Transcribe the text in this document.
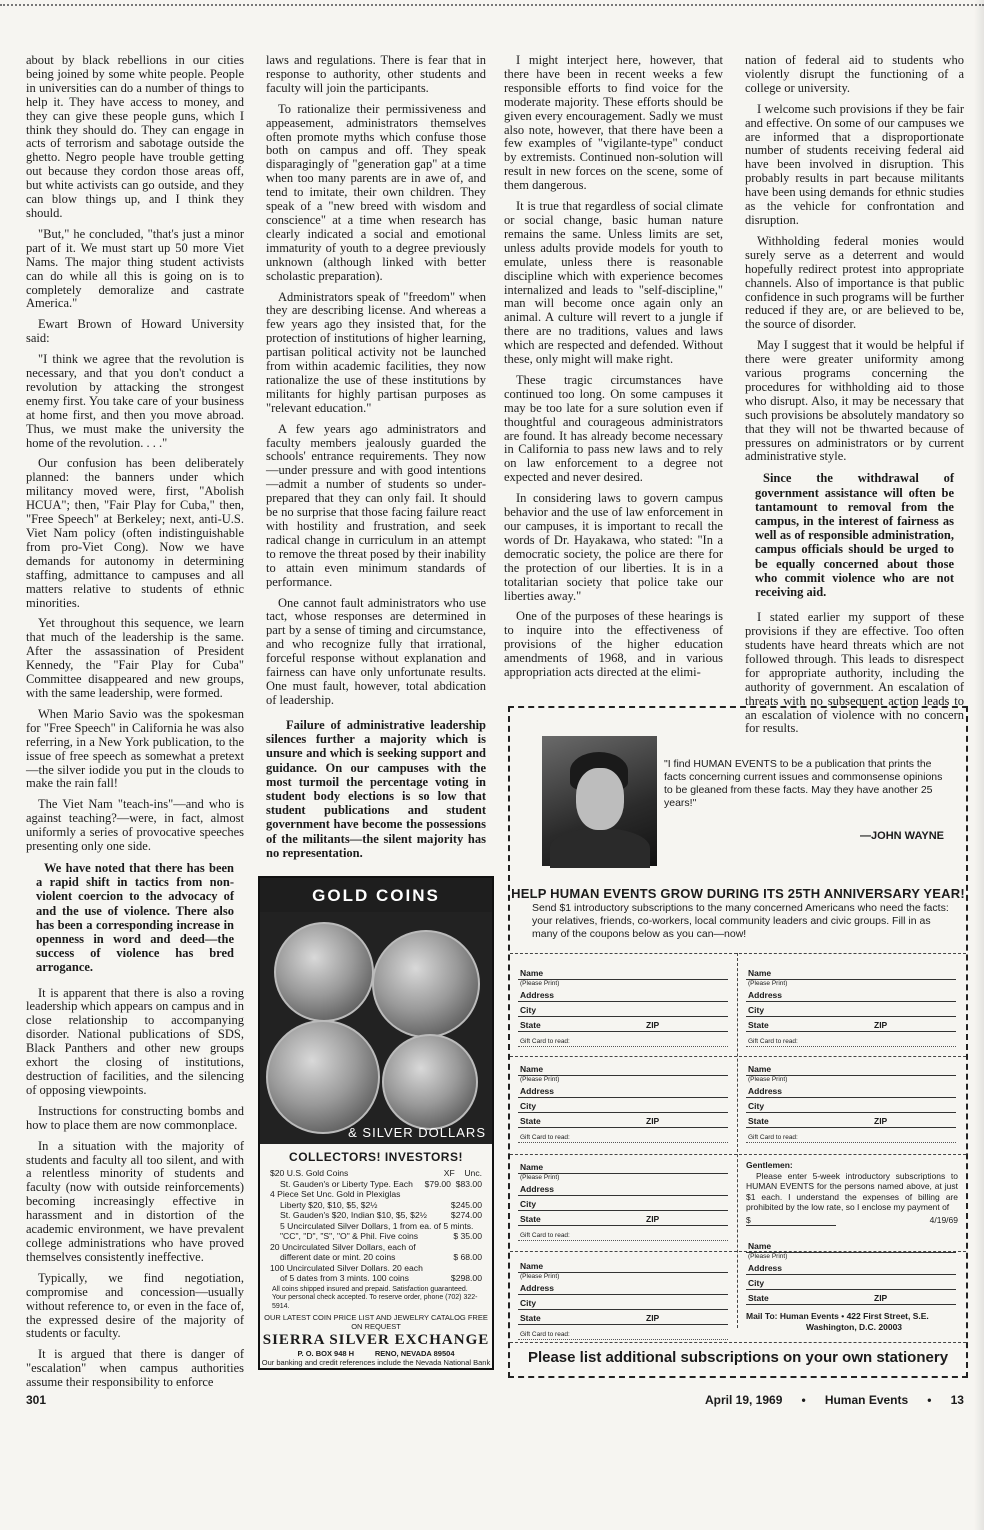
about by black rebellions in our cities being joined by some white people. People in universities can do a number of things to help it. They have access to money, and they can give these people guns, which I think they should do. They can engage in acts of terrorism and sabotage outside the ghetto. Negro people have trouble getting out because they cordon those areas off, but white activists can go outside, and they can blow things up, and I think they should.

"But," he concluded, "that's just a minor part of it. We must start up 50 more Viet Nams. The major thing student activists can do while all this is going on is to completely demoralize and castrate America."

Ewart Brown of Howard University said:

"I think we agree that the revolution is necessary, and that you don't conduct a revolution by attacking the strongest enemy first. You take care of your business at home first, and then you move abroad. Thus, we must make the university the home of the revolution. . . ."

Our confusion has been deliberately planned: the banners under which militancy moved were, first, "Abolish HCUA"; then, "Fair Play for Cuba," then, "Free Speech" at Berkeley; next, anti-U.S. Viet Nam policy (often indistinguishable from pro-Viet Cong). Now we have demands for autonomy in determining staffing, admittance to campuses and all matters relative to students of ethnic minorities.

Yet throughout this sequence, we learn that much of the leadership is the same. After the assassination of President Kennedy, the "Fair Play for Cuba" Committee disappeared and new groups, with the same leadership, were formed.

When Mario Savio was the spokesman for "Free Speech" in California he was also referring, in a New York publication, to the issue of free speech as somewhat a pretext—the silver iodide you put in the clouds to make the rain fall!

The Viet Nam "teach-ins"—and who is against teaching?—were, in fact, almost uniformly a series of provocative speeches presenting only one side.

We have noted that there has been a rapid shift in tactics from non-violent coercion to the advocacy of and the use of violence. There also has been a corresponding increase in openness in word and deed—the success of violence has bred arrogance.

It is apparent that there is also a roving leadership which appears on campus and in close relationship to accompanying disorder. National publications of SDS, Black Panthers and other new groups exhort the closing of institutions, destruction of facilities, and the silencing of opposing viewpoints.

Instructions for constructing bombs and how to place them are now commonplace.

In a situation with the majority of students and faculty all too silent, and with a relentless minority of students and faculty (now with outside reinforcements) becoming increasingly effective in harassment and in distortion of the academic environment, we have prevalent college administrations who have proved themselves consistently ineffective.

Typically, we find negotiation, compromise and concession—usually without reference to, or even in the face of, the expressed desire of the majority of students or faculty.

It is argued that there is danger of "escalation" when campus authorities assume their responsibility to enforce

laws and regulations. There is fear that in response to authority, other students and faculty will join the participants.

To rationalize their permissiveness and appeasement, administrators themselves often promote myths which confuse those both on campus and off. They speak disparagingly of "generation gap" at a time when too many parents are in awe of, and tend to imitate, their own children. They speak of a "new breed with wisdom and conscience" at a time when research has clearly indicated a social and emotional immaturity of youth to a degree previously unknown (although linked with better scholastic preparation).

Administrators speak of "freedom" when they are describing license. And whereas a few years ago they insisted that, for the protection of institutions of higher learning, partisan political activity not be launched from within academic facilities, they now rationalize the use of these institutions by militants for highly partisan purposes as "relevant education."

A few years ago administrators and faculty members jealously guarded the schools' entrance requirements. They now—under pressure and with good intentions—admit a number of students so under-prepared that they can only fail. It should be no surprise that those facing failure react with hostility and frustration, and seek radical change in curriculum in an attempt to remove the threat posed by their inability to attain even minimum standards of performance.

One cannot fault administrators who use tact, whose responses are determined in part by a sense of timing and circumstance, and who recognize fully that irrational, forceful response without explanation and fairness can have only unfortunate results. One must fault, however, total abdication of leadership.

Failure of administrative leadership silences further a majority which is unsure and which is seeking support and guidance. On our campuses with the most turmoil the percentage voting in student body elections is so low that student publications and student government have become the possessions of the militants—the silent majority has no representation.

I might interject here, however, that there have been in recent weeks a few responsible efforts to find voice for the moderate majority. These efforts should be given every encouragement. Sadly we must also note, however, that there have been a few examples of "vigilante-type" conduct by extremists. Continued non-solution will result in new forces on the scene, some of them dangerous.

It is true that regardless of social climate or social change, basic human nature remains the same. Unless limits are set, unless adults provide models for youth to emulate, unless there is reasonable discipline which with experience becomes internalized and leads to "self-discipline," man will become once again only an animal. A culture will revert to a jungle if there are no traditions, values and laws which are respected and defended. Without these, only might will make right.

These tragic circumstances have continued too long. On some campuses it may be too late for a sure solution even if thoughtful and courageous administrators are found. It has already become necessary in California to pass new laws and to rely on law enforcement to a degree not expected and never desired.

In considering laws to govern campus behavior and the use of law enforcement in our campuses, it is important to recall the words of Dr. Hayakawa, who stated: "In a democratic society, the police are there for the protection of our liberties. It is in a totalitarian society that police take our liberties away."

One of the purposes of these hearings is to inquire into the effectiveness of provisions of the higher education amendments of 1968, and in various appropriation acts directed at the elimi-

nation of federal aid to students who violently disrupt the functioning of a college or university.

I welcome such provisions if they be fair and effective. On some of our campuses we are informed that a disproportionate number of students receiving federal aid have been involved in disruption. This probably results in part because militants have been using demands for ethnic studies as the vehicle for confrontation and disruption.

Withholding federal monies would surely serve as a deterrent and would hopefully redirect protest into appropriate channels. Also of importance is that public confidence in such programs will be further reduced if they are, or are believed to be, the source of disorder.

May I suggest that it would be helpful if there were greater uniformity among various programs concerning the procedures for withholding aid to those who disrupt. Also, it may be necessary that such provisions be absolutely mandatory so that they will not be thwarted because of pressures on administrators or by current administrative style.

Since the withdrawal of government assistance will often be tantamount to removal from the campus, in the interest of fairness as well as of responsible administration, campus officials should be urged to be equally concerned about those who commit violence who are not receiving aid.

I stated earlier my support of these provisions if they are effective. Too often students have heard threats which are not followed through. This leads to disrespect for appropriate authority, including the authority of government. An escalation of threats with no subsequent action leads to an escalation of violence with no concern for results.

GOLD COINS
& SILVER DOLLARS
COLLECTORS! INVESTORS!
$20 U.S. Gold Coins	XF    Unc.
St. Gauden's or Liberty Type. Each $79.00  $83.00
4 Piece Set Unc. Gold in Plexiglas
Liberty $20, $10, $5, $2½	$245.00
St. Gauden's $20, Indian $10, $5, $2½	$274.00
5 Uncirculated Silver Dollars, 1 from ea. of 5 mints.
"CC", "D", "S", "O" & Phil. Five coins	$ 35.00
20 Uncirculated Silver Dollars, each of
different date or mint. 20 coins	$ 68.00
100 Uncirculated Silver Dollars. 20 each
of 5 dates from 3 mints. 100 coins	$298.00
All coins shipped insured and prepaid. Satisfaction guaranteed. Your personal check accepted. To reserve order, phone (702) 322-5914.
OUR LATEST COIN PRICE LIST AND JEWELRY CATALOG FREE ON REQUEST
SIERRA SILVER EXCHANGE
P. O. BOX 948 H          RENO, NEVADA 89504
Our banking and credit references include the Nevada National Bank
"I find HUMAN EVENTS to be a publication that prints the facts concerning current issues and commonsense opinions to be gleaned from these facts. May they have another 25 years!"
—JOHN WAYNE
HELP HUMAN EVENTS GROW DURING ITS 25TH ANNIVERSARY YEAR!
Send $1 introductory subscriptions to the many concerned Americans who need the facts: your relatives, friends, co-workers, local community leaders and civic groups. Fill in as many of the coupons below as you can—now!
Name
(Please Print)
Address
City
State	ZIP
Gift Card to read:
Name
(Please Print)
Address
City
State	ZIP
Gift Card to read:
Name
(Please Print)
Address
City
State	ZIP
Gift Card to read:
Name
(Please Print)
Address
City
State	ZIP
Gift Card to read:
Name
(Please Print)
Address
City
State	ZIP
Gift Card to read:
Name
(Please Print)
Address
City
State	ZIP
Gift Card to read:
Name
(Please Print)
Address
City
State	ZIP
Gentlemen:
Please enter 5-week introductory subscriptions to HUMAN EVENTS for the persons named above, at just $1 each. I understand the expenses of billing are prohibited by the low rate, so I enclose my payment of
$	4/19/69
Mail To: Human Events • 422 First Street, S.E.
Washington, D.C. 20003
Please list additional subscriptions on your own stationery
301	April 19, 1969 • Human Events • 13
